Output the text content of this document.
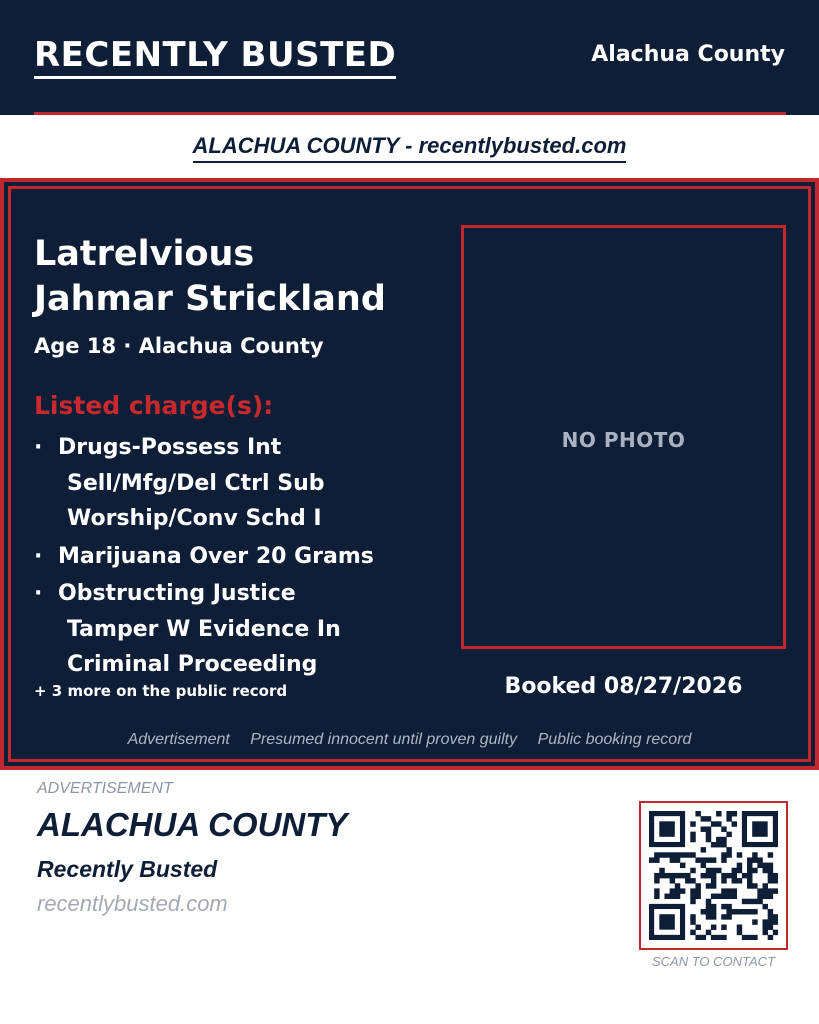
RECENTLY BUSTED	Alachua County
ALACHUA COUNTY - recentlybusted.com
Latrelvious
Jahmar Strickland
Age 18 · Alachua County
Listed charge(s):
· Drugs-Possess Int
Sell/Mfg/Del Ctrl Sub
Worship/Conv Schd I
· Marijuana Over 20 Grams
· Obstructing Justice
Tamper W Evidence In
Criminal Proceeding
+ 3 more on the public record
NO PHOTO
Booked 08/27/2026
Advertisement Presumed innocent until proven guilty Public booking record
ADVERTISEMENT
ALACHUA COUNTY
Recently Busted
recentlybusted.com
SCAN TO CONTACT
